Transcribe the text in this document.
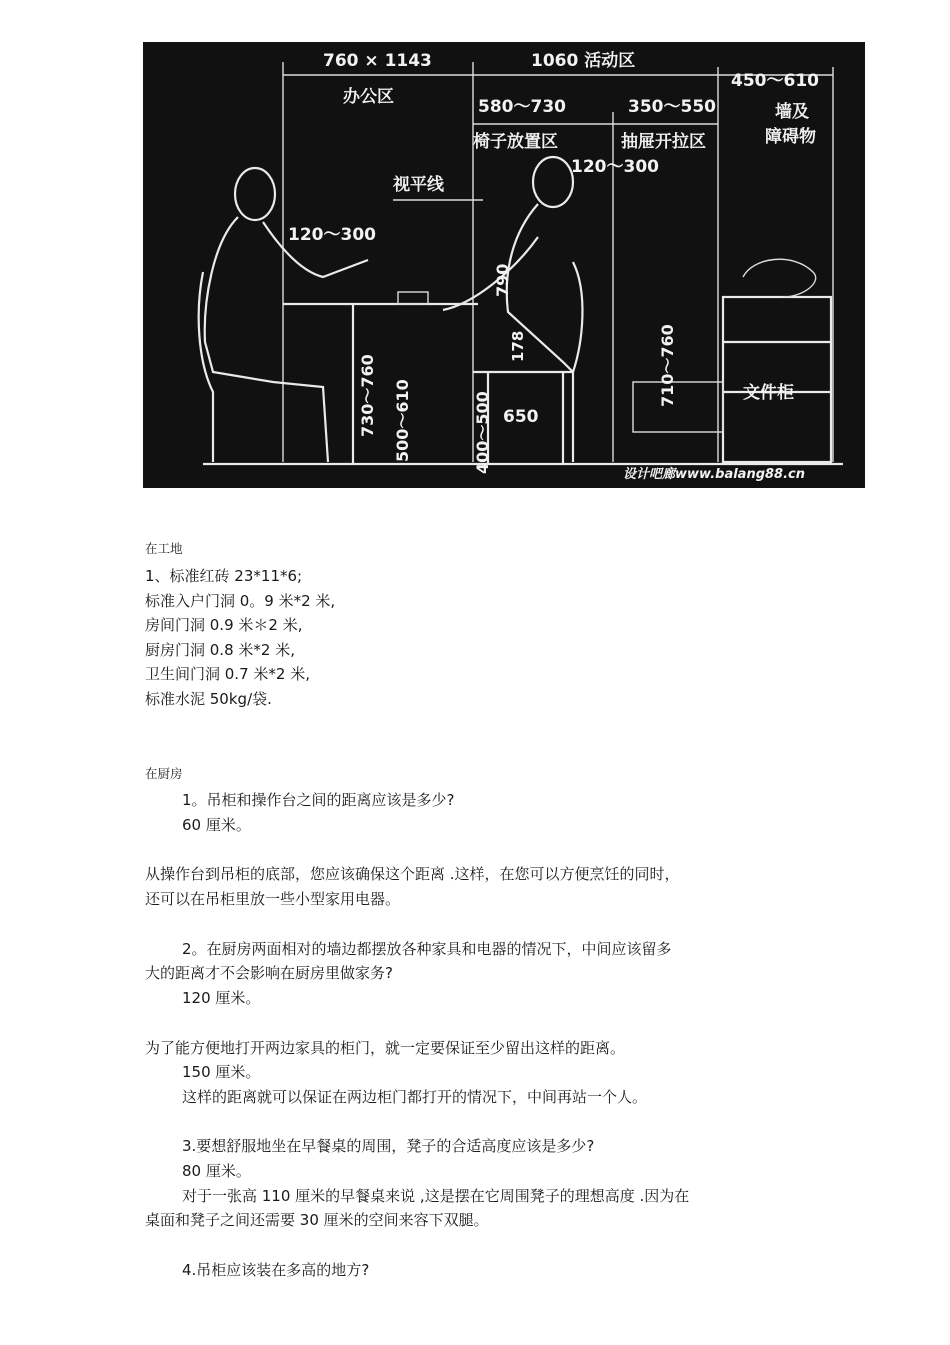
760 × 1143
办公区
1060 活动区
580～730
椅子放置区
350～550
抽屉开拉区
450～610
墙及
障碍物
视平线
120～300
120～300
790
178
730～760 500～610	400～500 650
710～760	文件柜
设计吧廊www.balang88.cn
在工地
1、标准红砖 23*11*6;
标准入户门洞 0。9 米*2 米,
房间门洞 0.9 米＊2 米,
厨房门洞 0.8 米*2 米,
卫生间门洞 0.7 米*2 米,
标准水泥 50kg/袋.
在厨房
1。吊柜和操作台之间的距离应该是多少?
60 厘米。
从操作台到吊柜的底部，您应该确保这个距离 .这样，在您可以方便烹饪的同时，
还可以在吊柜里放一些小型家用电器。
2。在厨房两面相对的墙边都摆放各种家具和电器的情况下，中间应该留多
大的距离才不会影响在厨房里做家务?
120 厘米。
为了能方便地打开两边家具的柜门，就一定要保证至少留出这样的距离。
150 厘米。
这样的距离就可以保证在两边柜门都打开的情况下，中间再站一个人。
3.要想舒服地坐在早餐桌的周围，凳子的合适高度应该是多少?
80 厘米。
对于一张高 110 厘米的早餐桌来说 ,这是摆在它周围凳子的理想高度 .因为在
桌面和凳子之间还需要 30 厘米的空间来容下双腿。
4.吊柜应该装在多高的地方?
